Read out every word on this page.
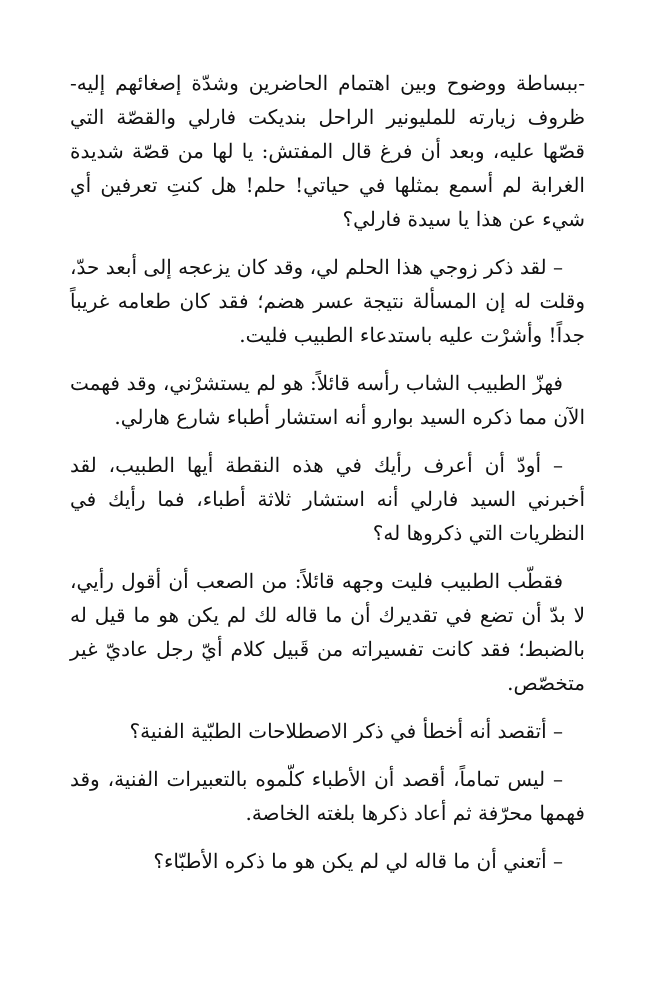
-ببساطة ووضوح وبين اهتمام الحاضرين وشدّة إصغائهم إليه- ظروف زيارته للمليونير الراحل بنديكت فارلي والقصّة التي قصّها عليه، وبعد أن فرغ قال المفتش: يا لها من قصّة شديدة الغرابة لم أسمع بمثلها في حياتي! حلم! هل كنتِ تعرفين أي شيء عن هذا يا سيدة فارلي؟

– لقد ذكر زوجي هذا الحلم لي، وقد كان يزعجه إلى أبعد حدّ، وقلت له إن المسألة نتيجة عسر هضم؛ فقد كان طعامه غريباً جداً! وأشرْت عليه باستدعاء الطبيب فليت.

فهزّ الطبيب الشاب رأسه قائلاً: هو لم يستشرْني، وقد فهمت الآن مما ذكره السيد بوارو أنه استشار أطباء شارع هارلي.

– أودّ أن أعرف رأيك في هذه النقطة أيها الطبيب، لقد أخبرني السيد فارلي أنه استشار ثلاثة أطباء، فما رأيك في النظريات التي ذكروها له؟

فقطّب الطبيب فليت وجهه قائلاً: من الصعب أن أقول رأيي، لا بدّ أن تضع في تقديرك أن ما قاله لك لم يكن هو ما قيل له بالضبط؛ فقد كانت تفسيراته من قَبيل كلام أيّ رجل عاديّ غير متخصّص.

– أتقصد أنه أخطأ في ذكر الاصطلاحات الطبّية الفنية؟

– ليس تماماً، أقصد أن الأطباء كلّموه بالتعبيرات الفنية، وقد فهمها محرّفة ثم أعاد ذكرها بلغته الخاصة.

– أتعني أن ما قاله لي لم يكن هو ما ذكره الأطبّاء؟
